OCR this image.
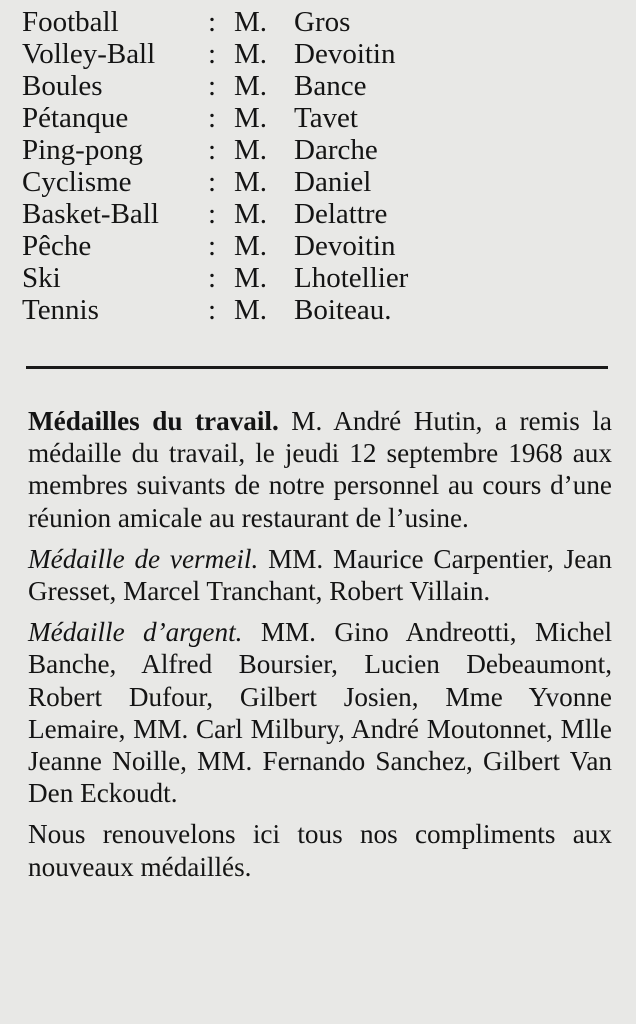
Football	: M. Gros
Volley-Ball	: M. Devoitin
Boules	: M. Bance
Pétanque	: M. Tavet
Ping-pong	: M. Darche
Cyclisme	: M. Daniel
Basket-Ball	: M. Delattre
Pêche	: M. Devoitin
Ski	: M. Lhotellier
Tennis	: M. Boiteau.

Médailles du travail. M. André Hutin, a remis la médaille du travail, le jeudi 12 septembre 1968 aux membres suivants de notre personnel au cours d’une réunion amicale au restaurant de l’usine.

Médaille de vermeil. MM. Maurice Carpentier, Jean Gresset, Marcel Tranchant, Robert Villain.

Médaille d’argent. MM. Gino Andreotti, Michel Banche, Alfred Boursier, Lucien Debeaumont, Robert Dufour, Gilbert Josien, Mme Yvonne Lemaire, MM. Carl Milbury, André Moutonnet, Mlle Jeanne Noille, MM. Fernando Sanchez, Gilbert Van Den Eckoudt.

Nous renouvelons ici tous nos compliments aux nouveaux médaillés.
